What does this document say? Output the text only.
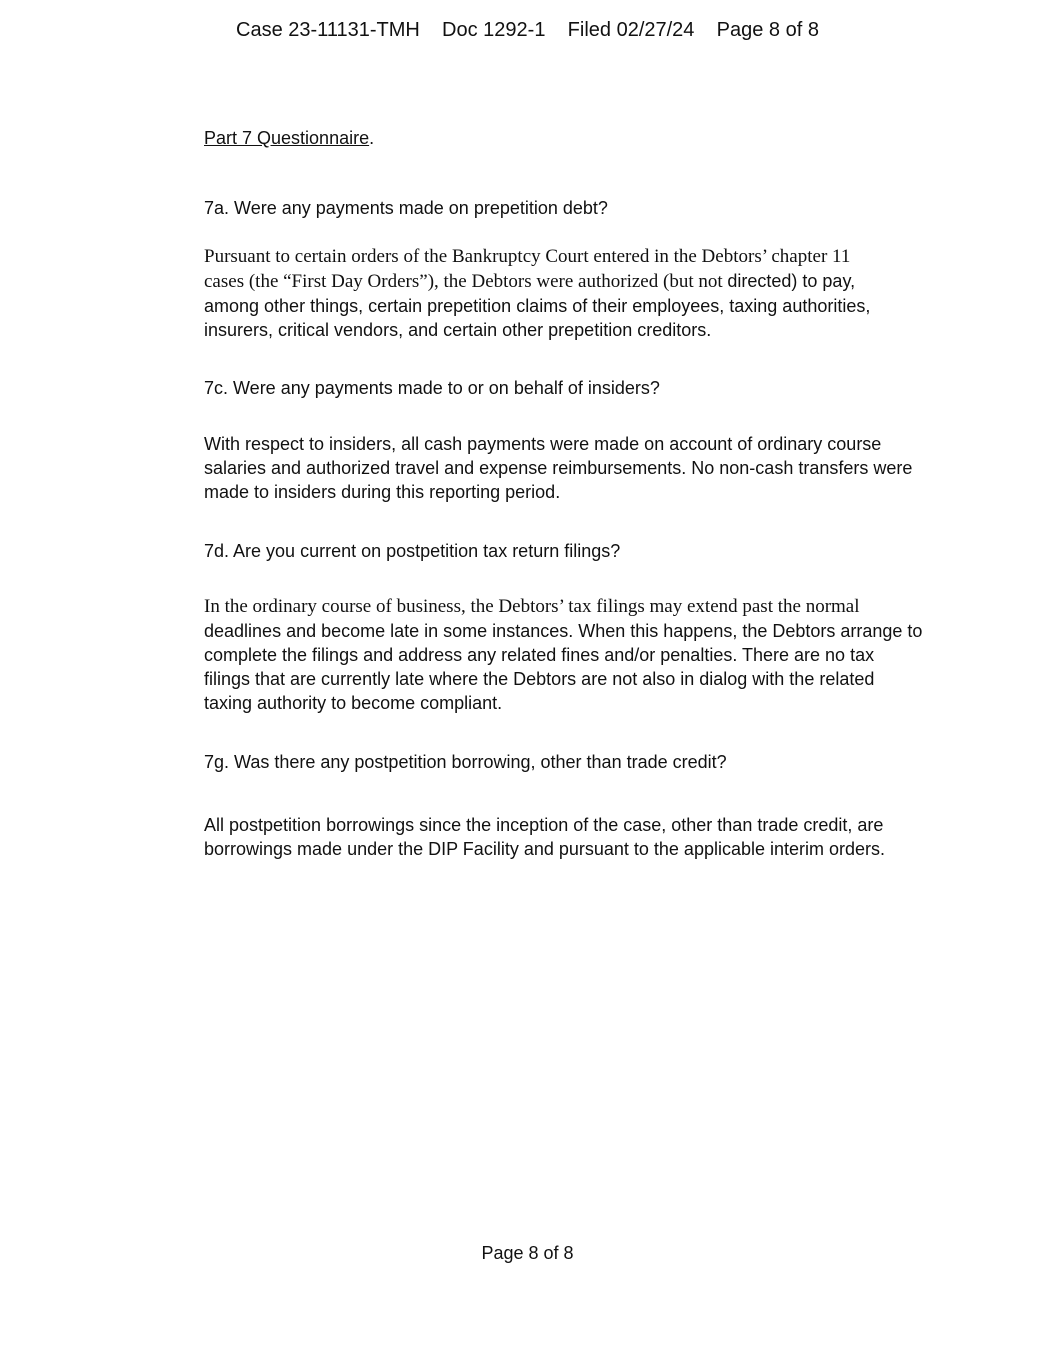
Case 23-11131-TMH    Doc 1292-1    Filed 02/27/24    Page 8 of 8
Part 7 Questionnaire.
7a. Were any payments made on prepetition debt?
Pursuant to certain orders of the Bankruptcy Court entered in the Debtors’ chapter 11
cases (the “First Day Orders”), the Debtors were authorized (but not directed) to pay,
among other things, certain prepetition claims of their employees, taxing authorities,
insurers, critical vendors, and certain other prepetition creditors.
7c. Were any payments made to or on behalf of insiders?
With respect to insiders, all cash payments were made on account of ordinary course
salaries and authorized travel and expense reimbursements. No non-cash transfers were
made to insiders during this reporting period.
7d. Are you current on postpetition tax return filings?
In the ordinary course of business, the Debtors’ tax filings may extend past the normal
deadlines and become late in some instances. When this happens, the Debtors arrange to
complete the filings and address any related fines and/or penalties. There are no tax
filings that are currently late where the Debtors are not also in dialog with the related
taxing authority to become compliant.
7g. Was there any postpetition borrowing, other than trade credit?
All postpetition borrowings since the inception of the case, other than trade credit, are
borrowings made under the DIP Facility and pursuant to the applicable interim orders.
Page 8 of 8
